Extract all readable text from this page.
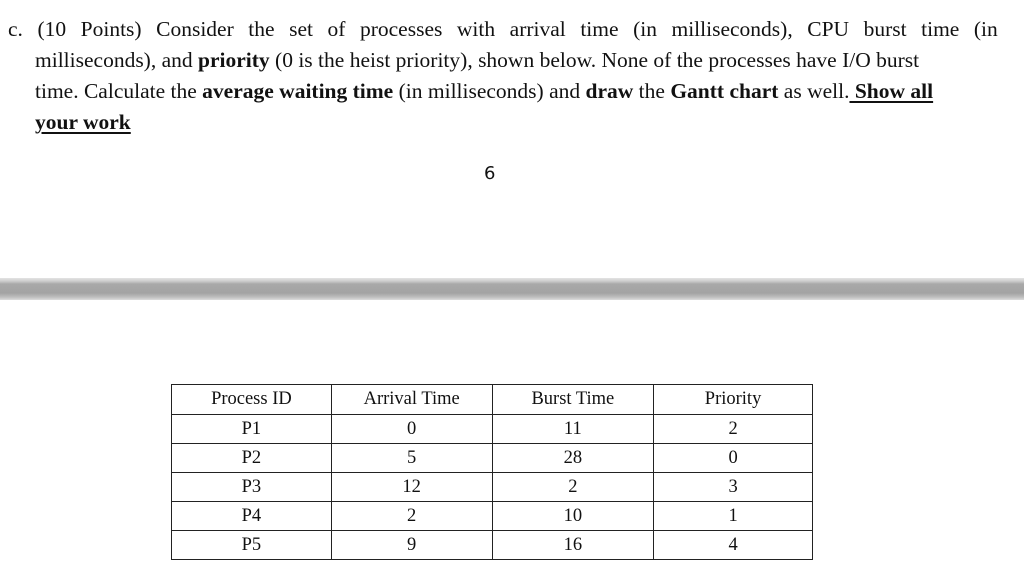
c. (10 Points) Consider the set of processes with arrival time (in milliseconds), CPU burst time (in
milliseconds), and priority (0 is the heist priority), shown below. None of the processes have I/O burst
time. Calculate the average waiting time (in milliseconds) and draw the Gantt chart as well. Show all
your work
6
Process ID	Arrival Time	Burst Time	Priority
P1	0	11	2
P2	5	28	0
P3	12	2	3
P4	2	10	1
P5	9	16	4
